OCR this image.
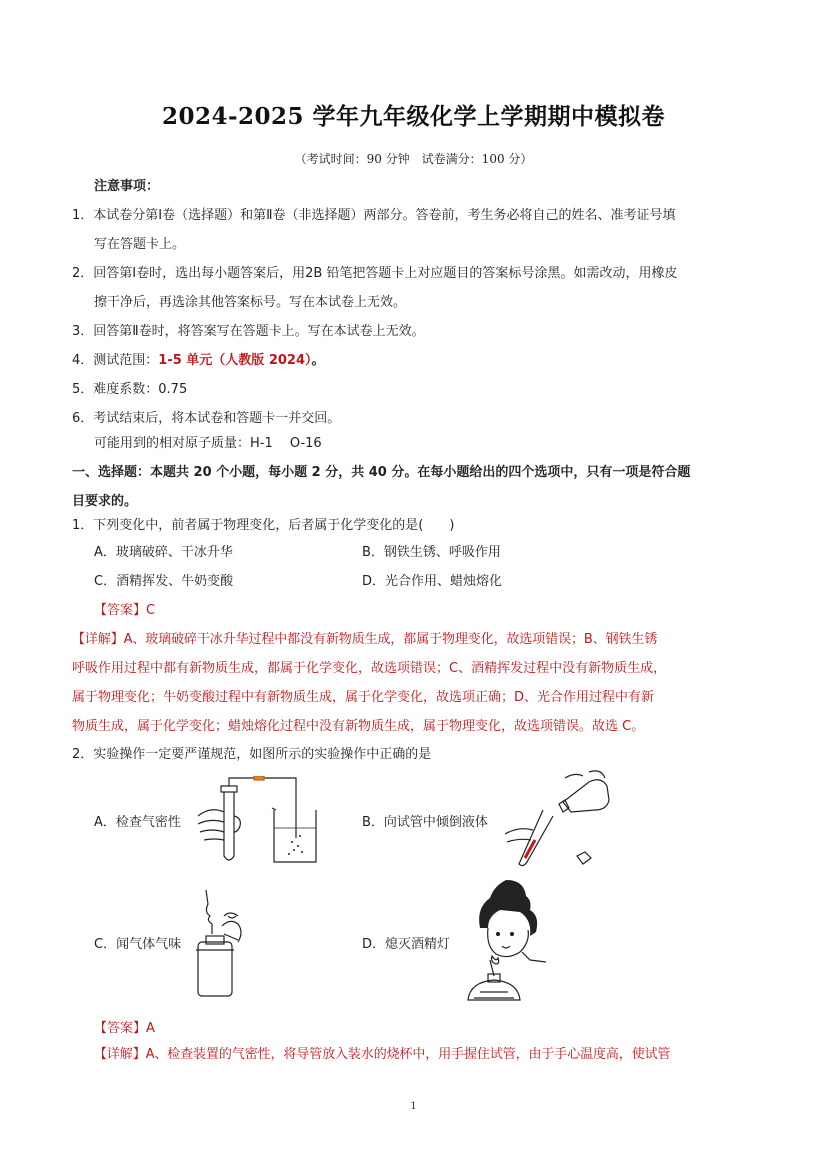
2024-2025 学年九年级化学上学期期中模拟卷
（考试时间：90 分钟　试卷满分：100 分）
注意事项：
1．本试卷分第Ⅰ卷（选择题）和第Ⅱ卷（非选择题）两部分。答卷前，考生务必将自己的姓名、准考证号填
写在答题卡上。
2．回答第Ⅰ卷时，选出每小题答案后，用2B 铅笔把答题卡上对应题目的答案标号涂黑。如需改动，用橡皮
擦干净后，再选涂其他答案标号。写在本试卷上无效。
3．回答第Ⅱ卷时，将答案写在答题卡上。写在本试卷上无效。
4．测试范围：1-5 单元（人教版 2024）。
5．难度系数：0.75
6．考试结束后，将本试卷和答题卡一并交回。
可能用到的相对原子质量：H-1　 O-16
一、选择题：本题共 20 个小题，每小题 2 分，共 40 分。在每小题给出的四个选项中，只有一项是符合题
目要求的。
1．下列变化中，前者属于物理变化，后者属于化学变化的是(　　)
A．玻璃破碎、干冰升华	B．钢铁生锈、呼吸作用
C．酒精挥发、牛奶变酸	D．光合作用、蜡烛熔化
【答案】C
【详解】A、玻璃破碎干冰升华过程中都没有新物质生成，都属于物理变化，故选项错误；B、钢铁生锈
呼吸作用过程中都有新物质生成，都属于化学变化，故选项错误；C、酒精挥发过程中没有新物质生成，
属于物理变化；牛奶变酸过程中有新物质生成，属于化学变化，故选项正确；D、光合作用过程中有新
物质生成，属于化学变化；蜡烛熔化过程中没有新物质生成，属于物理变化，故选项错误。故选 C。
2．实验操作一定要严谨规范，如图所示的实验操作中正确的是
A．检查气密性	B．向试管中倾倒液体
C．闻气体气味	D．熄灭酒精灯
【答案】A
【详解】A、检查装置的气密性，将导管放入装水的烧杯中，用手握住试管，由于手心温度高，使试管
1
